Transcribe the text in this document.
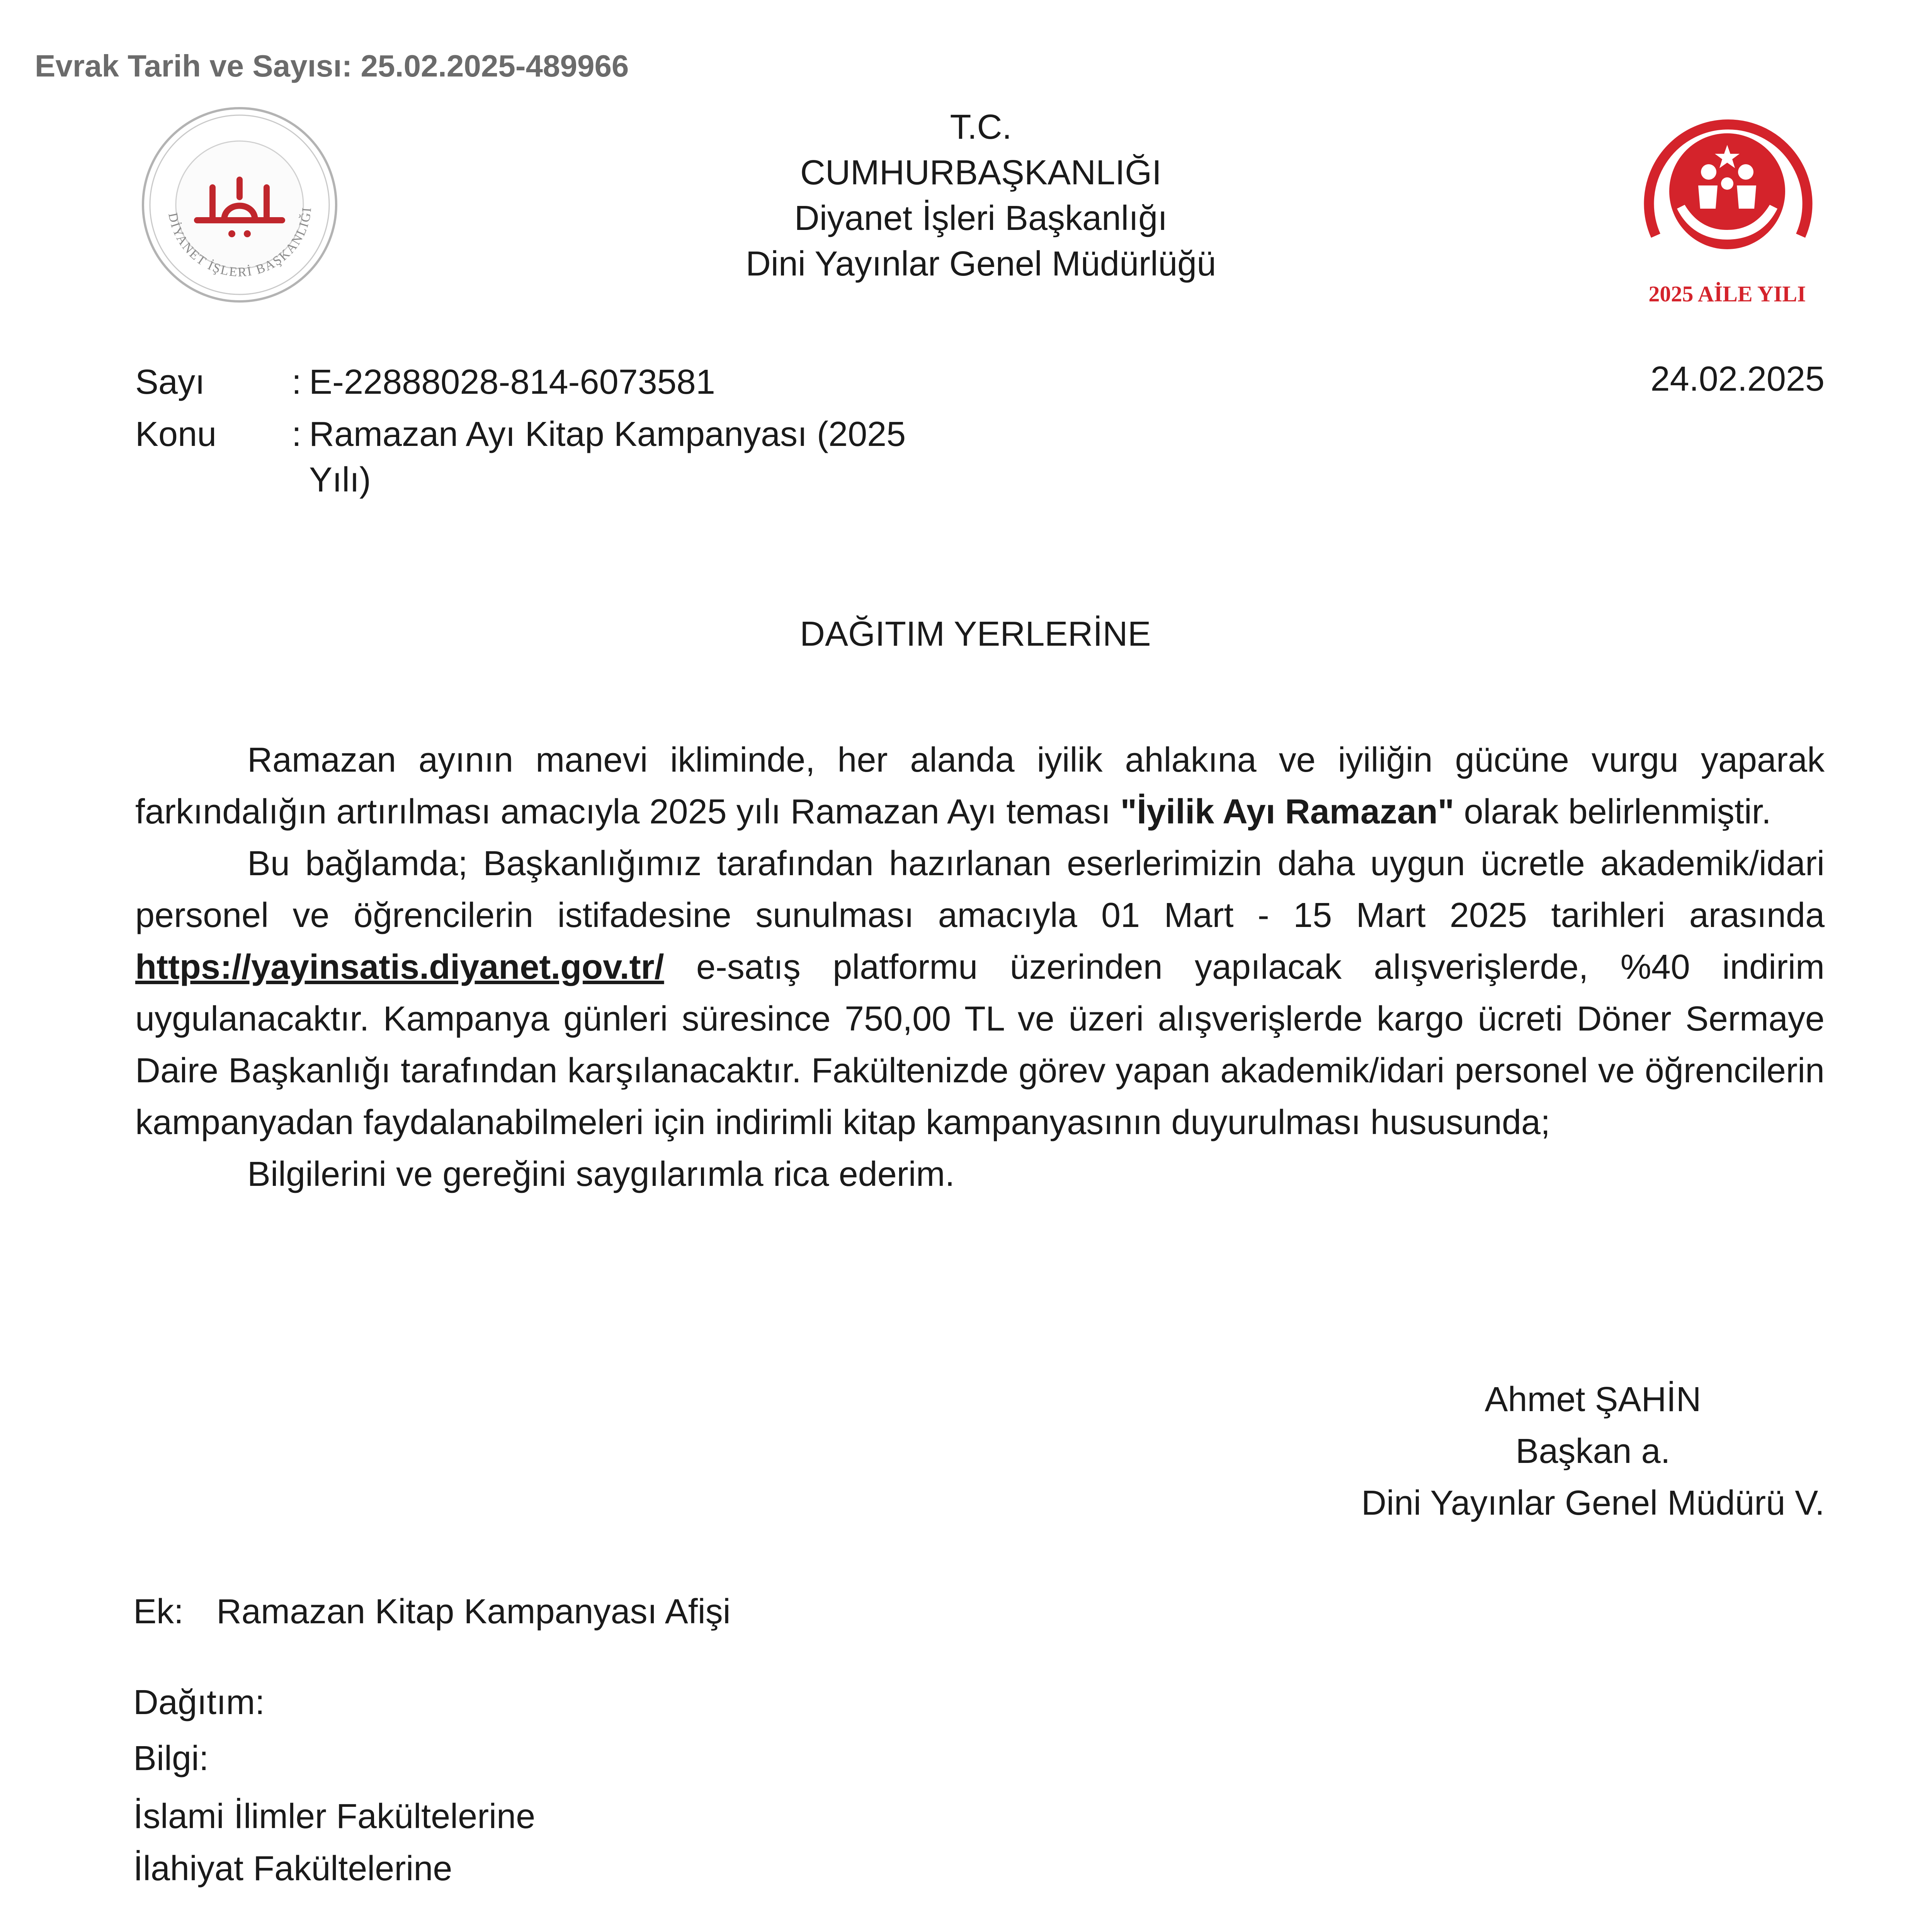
Evrak Tarih ve Sayısı: 25.02.2025-489966
DİYANET İŞLERİ BAŞKANLIĞI
T.C.
CUMHURBAŞKANLIĞI
Diyanet İşleri Başkanlığı
Dini Yayınlar Genel Müdürlüğü
2025 AİLE YILI
Sayı : E-22888028-814-6073581
Konu : Ramazan Ayı Kitap Kampanyası (2025
Yılı)
24.02.2025
DAĞITIM YERLERİNE

Ramazan ayının manevi ikliminde, her alanda iyilik ahlakına ve iyiliğin gücüne vurgu yaparak farkındalığın artırılması amacıyla 2025 yılı Ramazan Ayı teması "İyilik Ayı Ramazan" olarak belirlenmiştir.

Bu bağlamda; Başkanlığımız tarafından hazırlanan eserlerimizin daha uygun ücretle akademik/idari personel ve öğrencilerin istifadesine sunulması amacıyla 01 Mart - 15 Mart 2025 tarihleri arasında https://yayinsatis.diyanet.gov.tr/ e-satış platformu üzerinden yapılacak alışverişlerde, %40 indirim uygulanacaktır. Kampanya günleri süresince 750,00 TL ve üzeri alışverişlerde kargo ücreti Döner Sermaye Daire Başkanlığı tarafından karşılanacaktır. Fakültenizde görev yapan akademik/idari personel ve öğrencilerin kampanyadan faydalanabilmeleri için indirimli kitap kampanyasının duyurulması hususunda;

Bilgilerini ve gereğini saygılarımla rica ederim.

Ahmet ŞAHİN
Başkan a.
Dini Yayınlar Genel Müdürü V.
Ek: Ramazan Kitap Kampanyası Afişi
Dağıtım:
Bilgi:
İslami İlimler Fakültelerine
İlahiyat Fakültelerine
